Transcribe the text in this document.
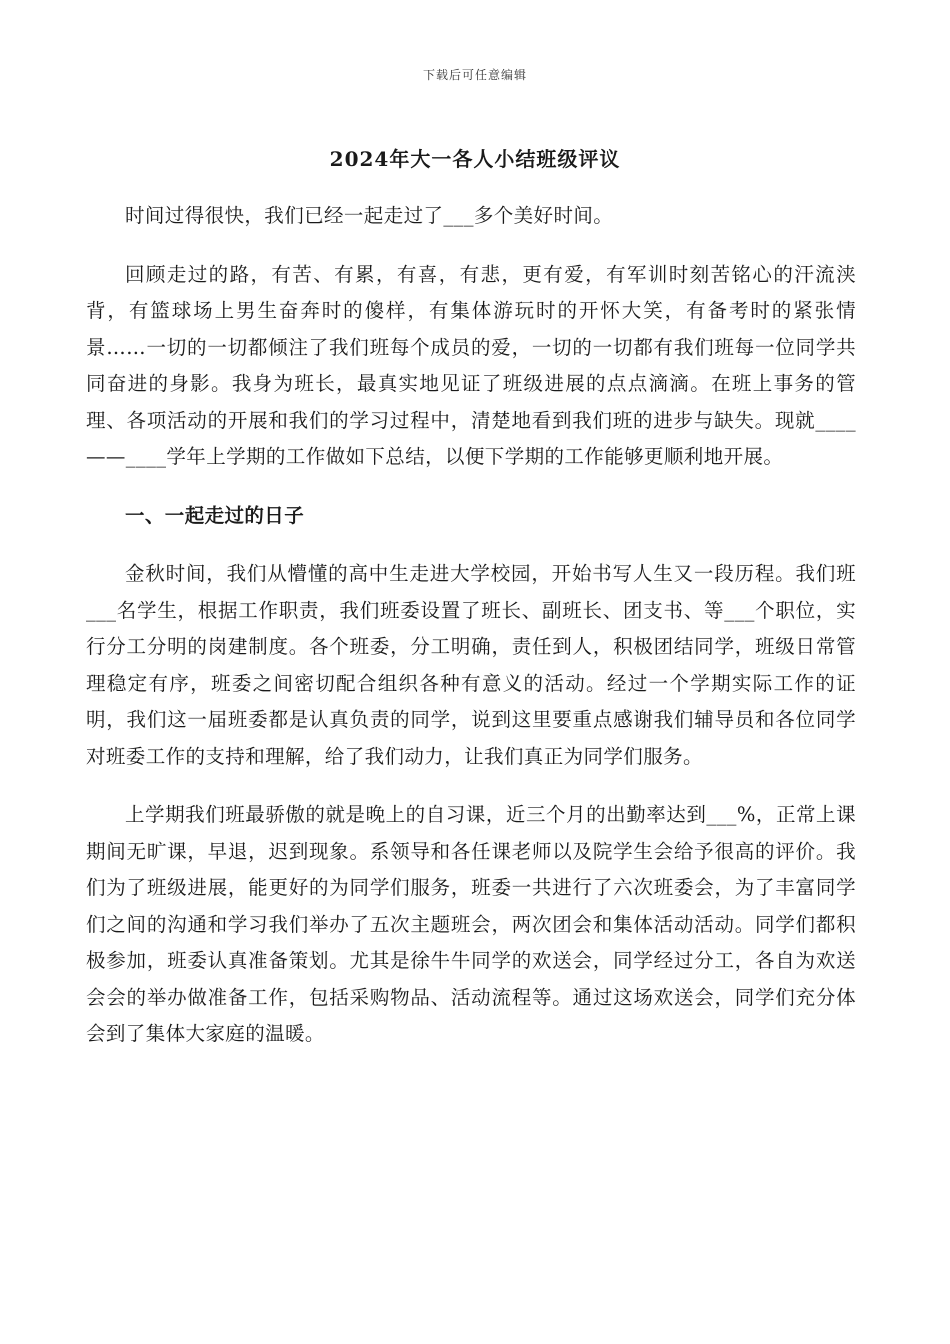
下载后可任意编辑
2024年大一各人小结班级评议

时间过得很快，我们已经一起走过了___多个美好时间。

回顾走过的路，有苦、有累，有喜，有悲，更有爱，有军训时刻苦铭心的汗流浃背，有篮球场上男生奋奔时的傻样，有集体游玩时的开怀大笑，有备考时的紧张情景……一切的一切都倾注了我们班每个成员的爱，一切的一切都有我们班每一位同学共同奋进的身影。我身为班长，最真实地见证了班级进展的点点滴滴。在班上事务的管理、各项活动的开展和我们的学习过程中，清楚地看到我们班的进步与缺失。现就____——____学年上学期的工作做如下总结，以便下学期的工作能够更顺利地开展。

一、一起走过的日子

金秋时间，我们从懵懂的高中生走进大学校园，开始书写人生又一段历程。我们班___名学生，根据工作职责，我们班委设置了班长、副班长、团支书、等___个职位，实行分工分明的岗建制度。各个班委，分工明确，责任到人，积极团结同学，班级日常管理稳定有序，班委之间密切配合组织各种有意义的活动。经过一个学期实际工作的证明，我们这一届班委都是认真负责的同学，说到这里要重点感谢我们辅导员和各位同学对班委工作的支持和理解，给了我们动力，让我们真正为同学们服务。

上学期我们班最骄傲的就是晚上的自习课，近三个月的出勤率达到___%，正常上课期间无旷课，早退，迟到现象。系领导和各任课老师以及院学生会给予很高的评价。我们为了班级进展，能更好的为同学们服务，班委一共进行了六次班委会，为了丰富同学们之间的沟通和学习我们举办了五次主题班会，两次团会和集体活动活动。同学们都积极参加，班委认真准备策划。尤其是徐牛牛同学的欢送会，同学经过分工，各自为欢送会会的举办做准备工作，包括采购物品、活动流程等。通过这场欢送会，同学们充分体会到了集体大家庭的温暖。
